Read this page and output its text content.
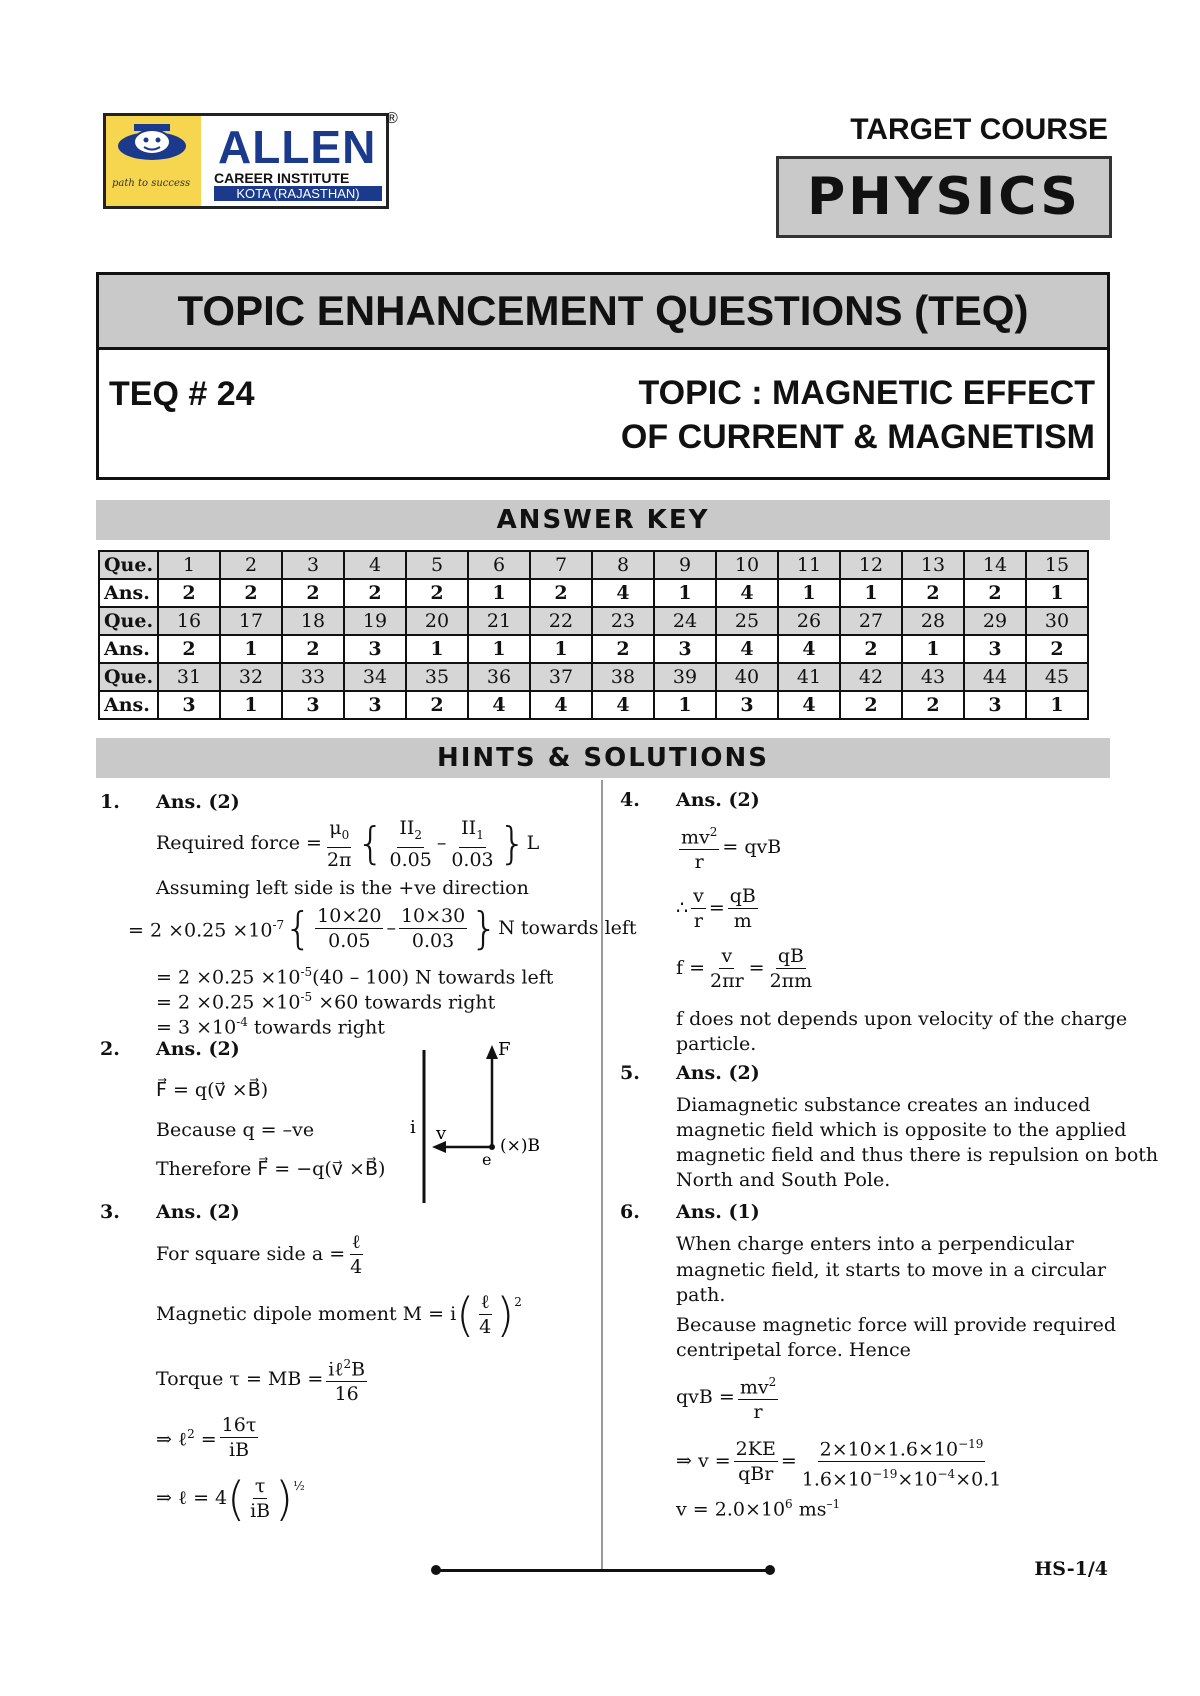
path to success
ALLEN
CAREER INSTITUTE
KOTA (RAJASTHAN)
®	TARGET COURSE
PHYSICS
TOPIC ENHANCEMENT QUESTIONS (TEQ)
TEQ # 24	TOPIC : MAGNETIC EFFECT
OF CURRENT & MAGNETISM
ANSWER KEY
Que.	1	2	3	4	5	6	7	8	9	10	11	12	13	14	15
Ans.	2	2	2	2	2	1	2	4	1	4	1	1	2	2	1
Que.	16	17	18	19	20	21	22	23	24	25	26	27	28	29	30
Ans.	2	1	2	3	1	1	1	2	3	4	4	2	1	3	2
Que.	31	32	33	34	35	36	37	38	39	40	41	42	43	44	45
Ans.	3	1	3	3	2	4	4	4	1	3	4	2	2	3	1
HINTS & SOLUTIONS
1. Ans. (2)
Required force = $\frac{\mu_0}{2\pi}$ { $\frac{II_2}{0.05} - \frac{II_1}{0.03}$ } L
Assuming left side is the +ve direction
= $2 \times 0.25 \times 10^{-7}$ { $\frac{10\times 20}{0.05} - \frac{10\times 30}{0.03}$ } N towards left
= $2 \times 0.25 \times 10^{-5}(40 - 100)$ N towards left
= $2 \times 0.25 \times 10^{-5} \times 60$ towards right
= $3 \times 10^{-4}$ towards right
2. Ans. (2)
F⃗ = q(v⃗ ×B⃗)
Because q = –ve
Therefore F⃗ = −q(v⃗ ×B⃗)
F
i v
e
(×)B
3. Ans. (2)
For square side $a = \frac{\text{ℓ}}{4}$
Magnetic dipole moment M = i ( $\frac{\text{ℓ}}{4} )^2$
Torque τ = MB = $\frac{i\ell^2B}{16}$
⇒ ℓ$^2$ = $\frac{16\tau}{iB}$
⇒ ℓ = 4 ( $\frac{\tau}{iB} )^{\frac{1}{2}}$
4. Ans. (2)
$\frac{mv^2}{r}$ = qvB
∴ $\frac{v}{r} = \frac{qB}{m}$
$f = \frac{v}{2\pi r} = \frac{qB}{2\pi m}$
f does not depends upon velocity of the charge
particle.
5. Ans. (2)
Diamagnetic substance creates an induced
magnetic field which is opposite to the applied
magnetic field and thus there is repulsion on both
North and South Pole.
6. Ans. (1)
When charge enters into a perpendicular
magnetic field, it starts to move in a circular
path.
Because magnetic force will provide required
centripetal force. Hence
qvB = $\frac{mv^2}{r}$
⇒ $v = \frac{2KE}{\text{qBr}} = \frac{2\times 10\times 1.6\times 10^{-19}}{1.6\times 10^{-19}\times 10^{-4}\times 0.1}$
$v = 2.0\times 10^6$ $ms^{-1}$
HS-1/4
